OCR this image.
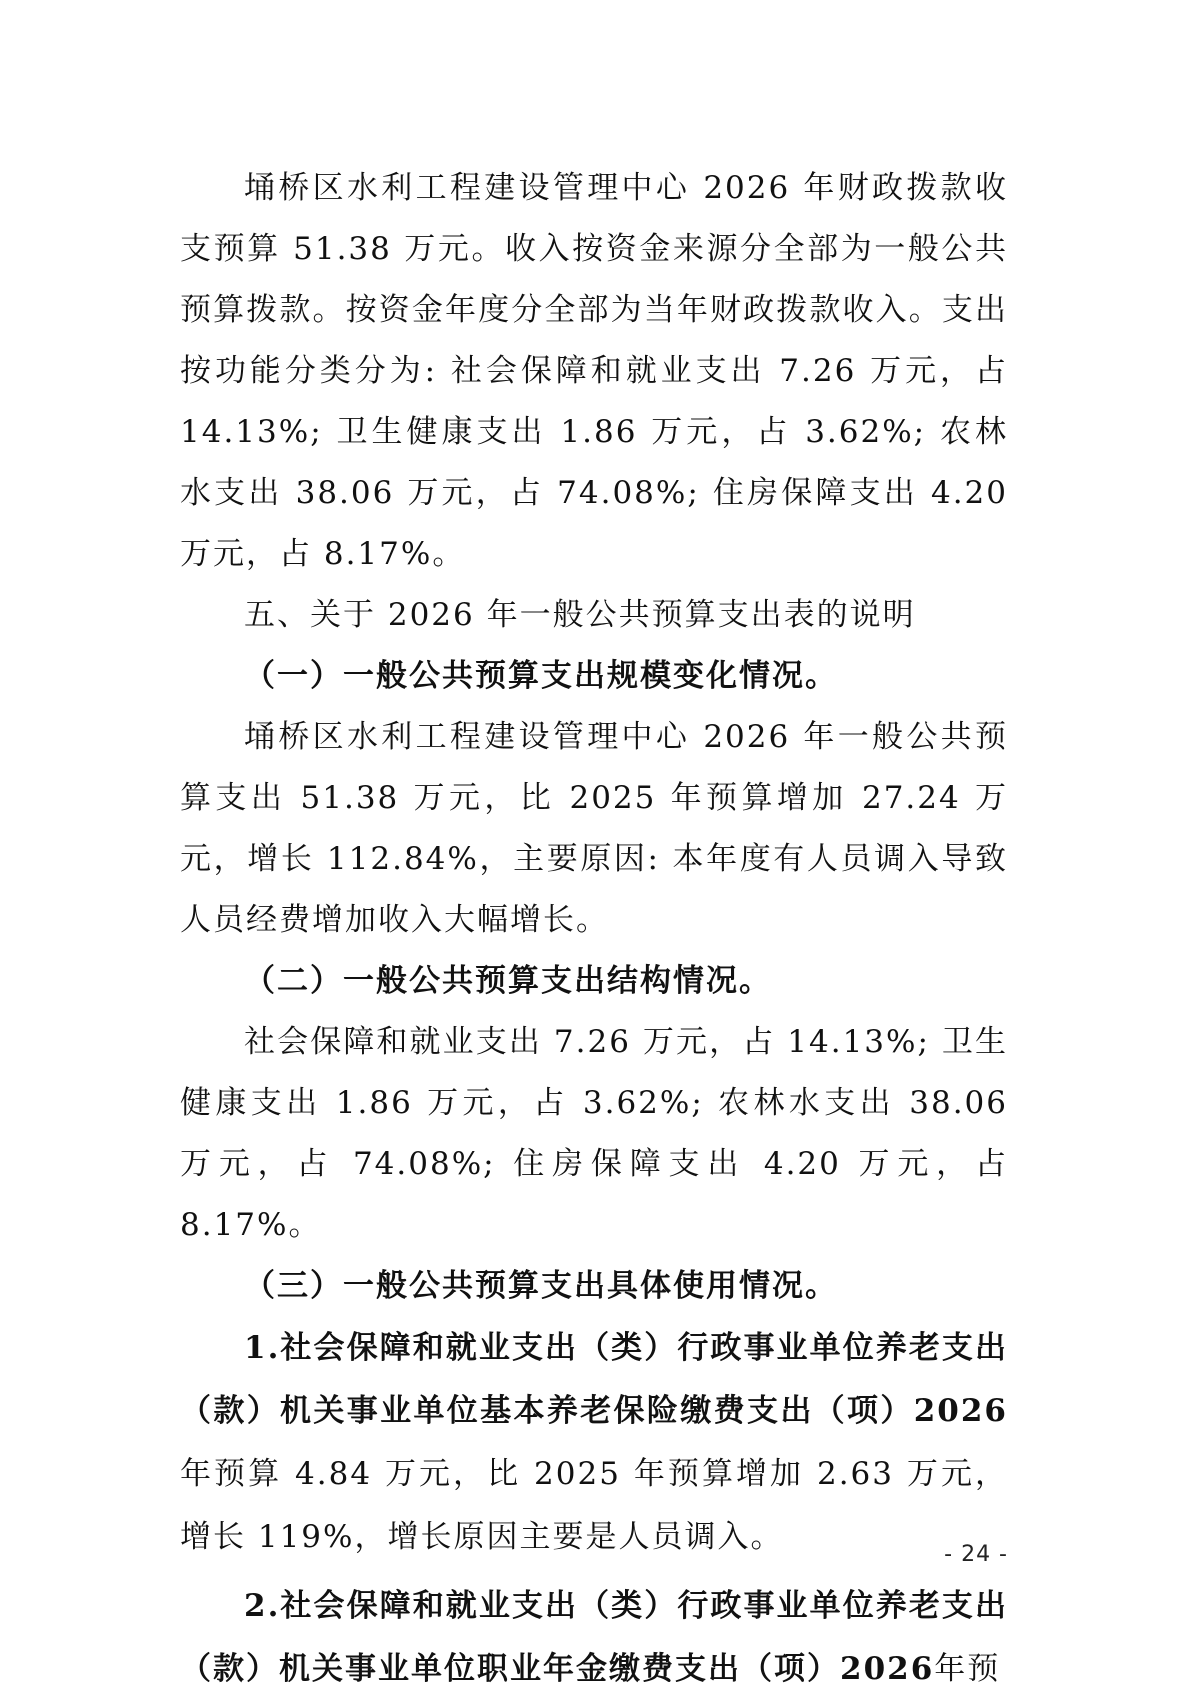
埇桥区水利工程建设管理中心 2026 年财政拨款收支预算 51.38 万元。收入按资金来源分全部为一般公共预算拨款。按资金年度分全部为当年财政拨款收入。支出按功能分类分为: 社会保障和就业支出 7.26 万元，占 14.13%; 卫生健康支出 1.86 万元，占 3.62%; 农林水支出 38.06 万元，占 74.08%; 住房保障支出 4.20 万元，占 8.17%。

五、关于 2026 年一般公共预算支出表的说明

（一）一般公共预算支出规模变化情况。

埇桥区水利工程建设管理中心 2026 年一般公共预算支出 51.38 万元，比 2025 年预算增加 27.24 万元，增长 112.84%，主要原因: 本年度有人员调入导致人员经费增加收入大幅增长。

（二）一般公共预算支出结构情况。

社会保障和就业支出 7.26 万元，占 14.13%; 卫生健康支出 1.86 万元，占 3.62%; 农林水支出 38.06 万元，占 74.08%; 住房保障支出 4.20 万元，占 8.17%。

（三）一般公共预算支出具体使用情况。

1.社会保障和就业支出（类）行政事业单位养老支出（款）机关事业单位基本养老保险缴费支出（项）2026年预算 4.84 万元，比 2025 年预算增加 2.63 万元，增长 119%，增长原因主要是人员调入。

2.社会保障和就业支出（类）行政事业单位养老支出（款）机关事业单位职业年金缴费支出（项）2026年预

- 24 -
